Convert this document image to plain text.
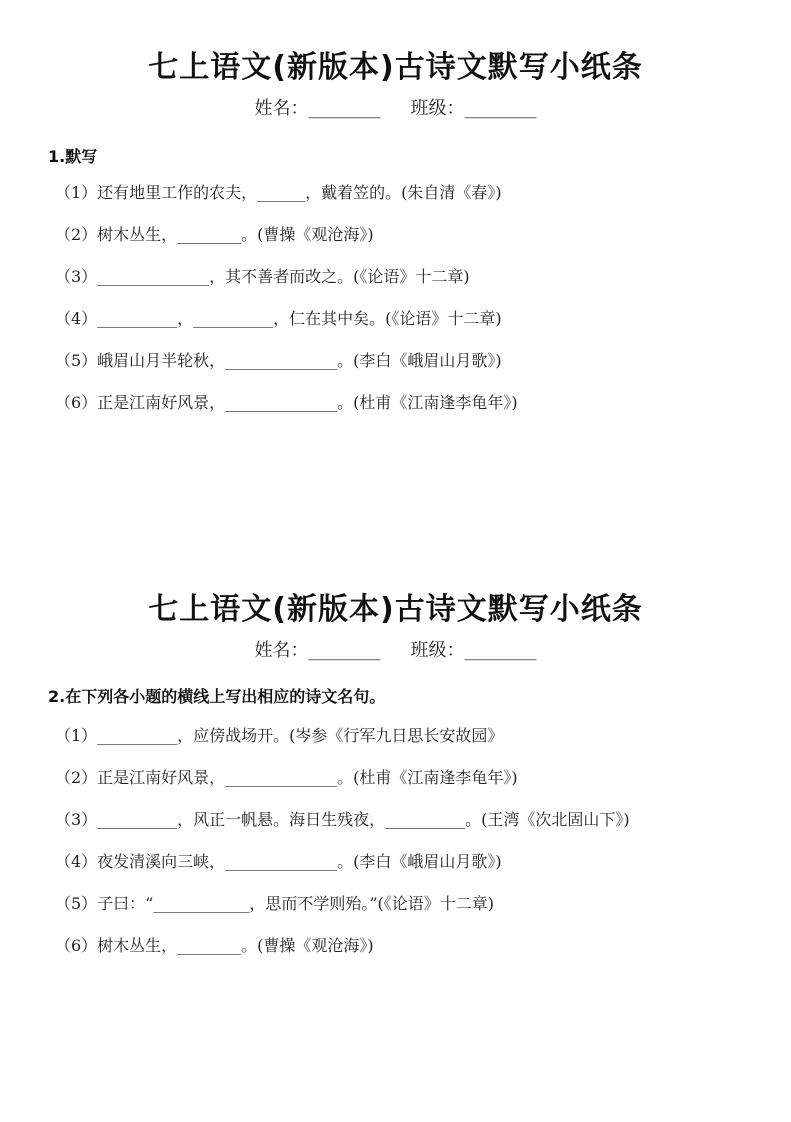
七上语文(新版本)古诗文默写小纸条
姓名：________ 班级：________
1.默写
（1）还有地里工作的农夫，______，戴着笠的。(朱自清《春》)
（2）树木丛生，________。(曹操《观沧海》)
（3）______________，其不善者而改之。(《论语》十二章)
（4）__________，__________，仁在其中矣。(《论语》十二章)
（5）峨眉山月半轮秋，______________。(李白《峨眉山月歌》)
（6）正是江南好风景，______________。(杜甫《江南逢李龟年》)
七上语文(新版本)古诗文默写小纸条
姓名：________ 班级：________
2.在下列各小题的横线上写出相应的诗文名句。
（1）__________，应傍战场开。(岑参《行军九日思长安故园》
（2）正是江南好风景，______________。(杜甫《江南逢李龟年》)
（3）__________，风正一帆悬。海日生残夜，__________。(王湾《次北固山下》)
（4）夜发清溪向三峡，______________。(李白《峨眉山月歌》)
（5）子曰：“____________，思而不学则殆。”(《论语》十二章)
（6）树木丛生，________。(曹操《观沧海》)
